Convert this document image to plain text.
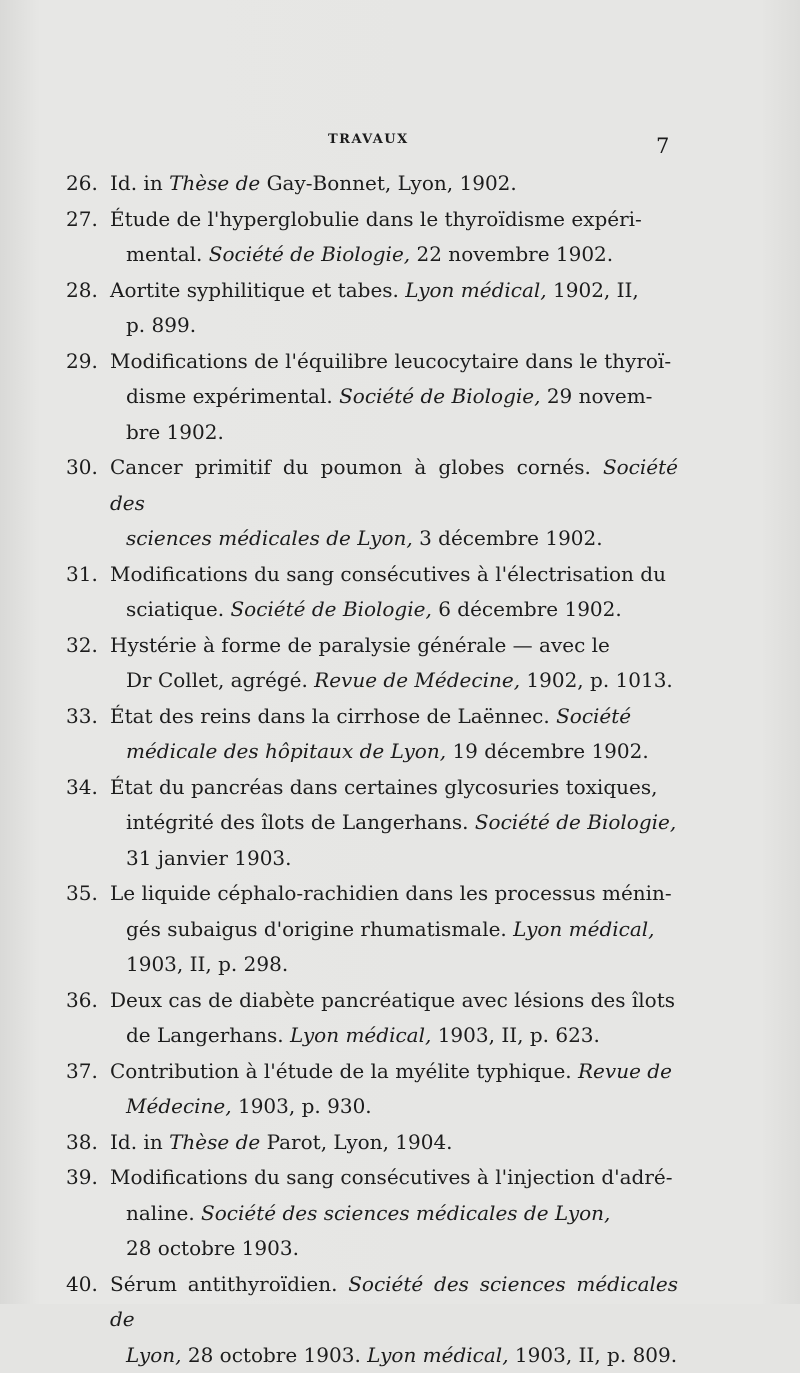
TRAVAUX	7
26. Id. in Thèse de Gay-Bonnet, Lyon, 1902.
27. Étude de l'hyperglobulie dans le thyroïdisme expéri-
mental. Société de Biologie, 22 novembre 1902.
28. Aortite syphilitique et tabes. Lyon médical, 1902, II,
p. 899.
29. Modifications de l'équilibre leucocytaire dans le thyroï-
disme expérimental. Société de Biologie, 29 novem-
bre 1902.
30. Cancer primitif du poumon à globes cornés. Société des
sciences médicales de Lyon, 3 décembre 1902.
31. Modifications du sang consécutives à l'électrisation du
sciatique. Société de Biologie, 6 décembre 1902.
32. Hystérie à forme de paralysie générale — avec le
Dr Collet, agrégé. Revue de Médecine, 1902, p. 1013.
33. État des reins dans la cirrhose de Laënnec. Société
médicale des hôpitaux de Lyon, 19 décembre 1902.
34. État du pancréas dans certaines glycosuries toxiques,
intégrité des îlots de Langerhans. Société de Biologie,
31 janvier 1903.
35. Le liquide céphalo-rachidien dans les processus ménin-
gés subaigus d'origine rhumatismale. Lyon médical,
1903, II, p. 298.
36. Deux cas de diabète pancréatique avec lésions des îlots
de Langerhans. Lyon médical, 1903, II, p. 623.
37. Contribution à l'étude de la myélite typhique. Revue de
Médecine, 1903, p. 930.
38. Id. in Thèse de Parot, Lyon, 1904.
39. Modifications du sang consécutives à l'injection d'adré-
naline. Société des sciences médicales de Lyon,
28 octobre 1903.
40. Sérum antithyroïdien. Société des sciences médicales de
Lyon, 28 octobre 1903. Lyon médical, 1903, II, p. 809.
